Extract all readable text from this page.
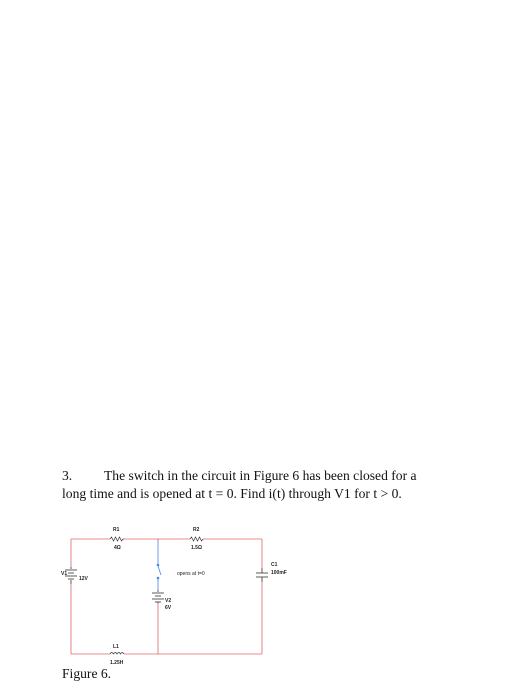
3. The switch in the circuit in Figure 6 has been closed for a
long time and is opened at t = 0. Find i(t) through V1 for t > 0.
R1
4Ω
R2
1.5Ω
V1
12V
V2
6V
L1
1.25H
C1
100mF
opens at t=0
Figure 6.
